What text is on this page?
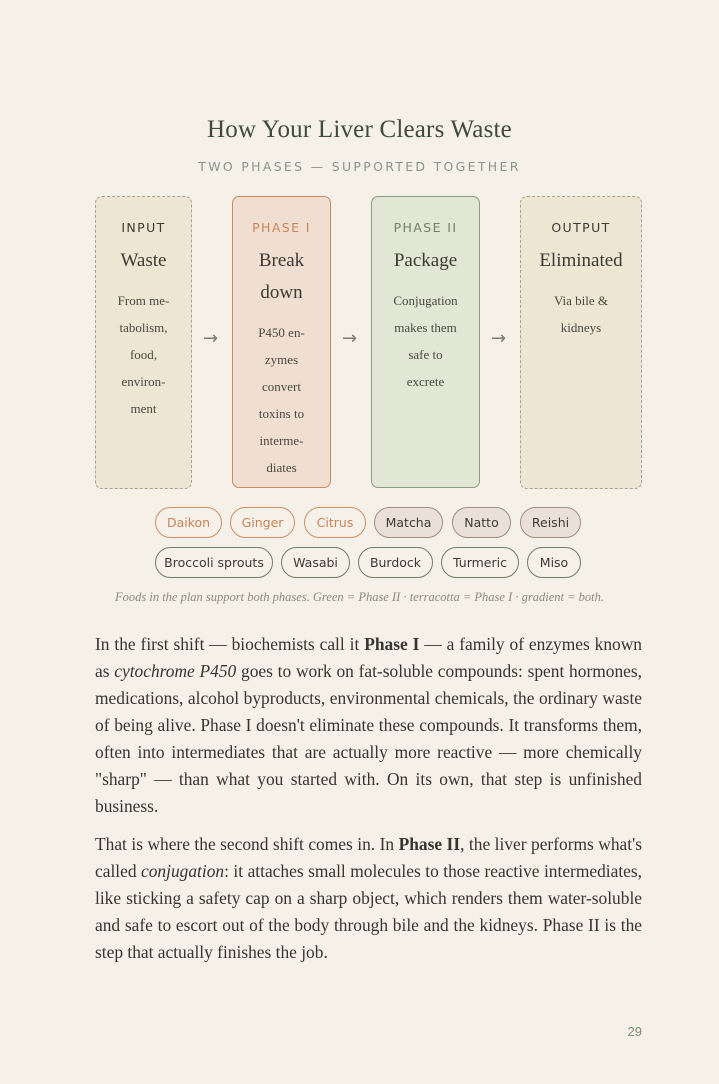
How Your Liver Clears Waste
TWO PHASES — SUPPORTED TOGETHER
INPUT
Waste
From me-
tabolism,
food,
environ-
ment
→
PHASE I
Break
down
P450 en-
zymes
convert
toxins to
interme-
diates
→
PHASE II
Package
Conjugation
makes them
safe to
excrete
→
OUTPUT
Eliminated
Via bile &
kidneys
Daikon	Ginger	Citrus	Matcha	Natto	Reishi
Broccoli sprouts	Wasabi	Burdock	Turmeric	Miso
Foods in the plan support both phases. Green = Phase II · terracotta = Phase I · gradient = both.

In the first shift — biochemists call it Phase I — a family of enzymes known as cytochrome P450 goes to work on fat-soluble compounds: spent hormones, medications, alcohol byproducts, environmental chemicals, the ordinary waste of being alive. Phase I doesn't eliminate these compounds. It transforms them, often into intermediates that are actually more reactive — more chemically "sharp" — than what you started with. On its own, that step is unfinished business.

That is where the second shift comes in. In Phase II, the liver performs what's called conjugation: it attaches small molecules to those reactive intermediates, like sticking a safety cap on a sharp object, which renders them water-soluble and safe to escort out of the body through bile and the kidneys. Phase II is the step that actually finishes the job.

29
